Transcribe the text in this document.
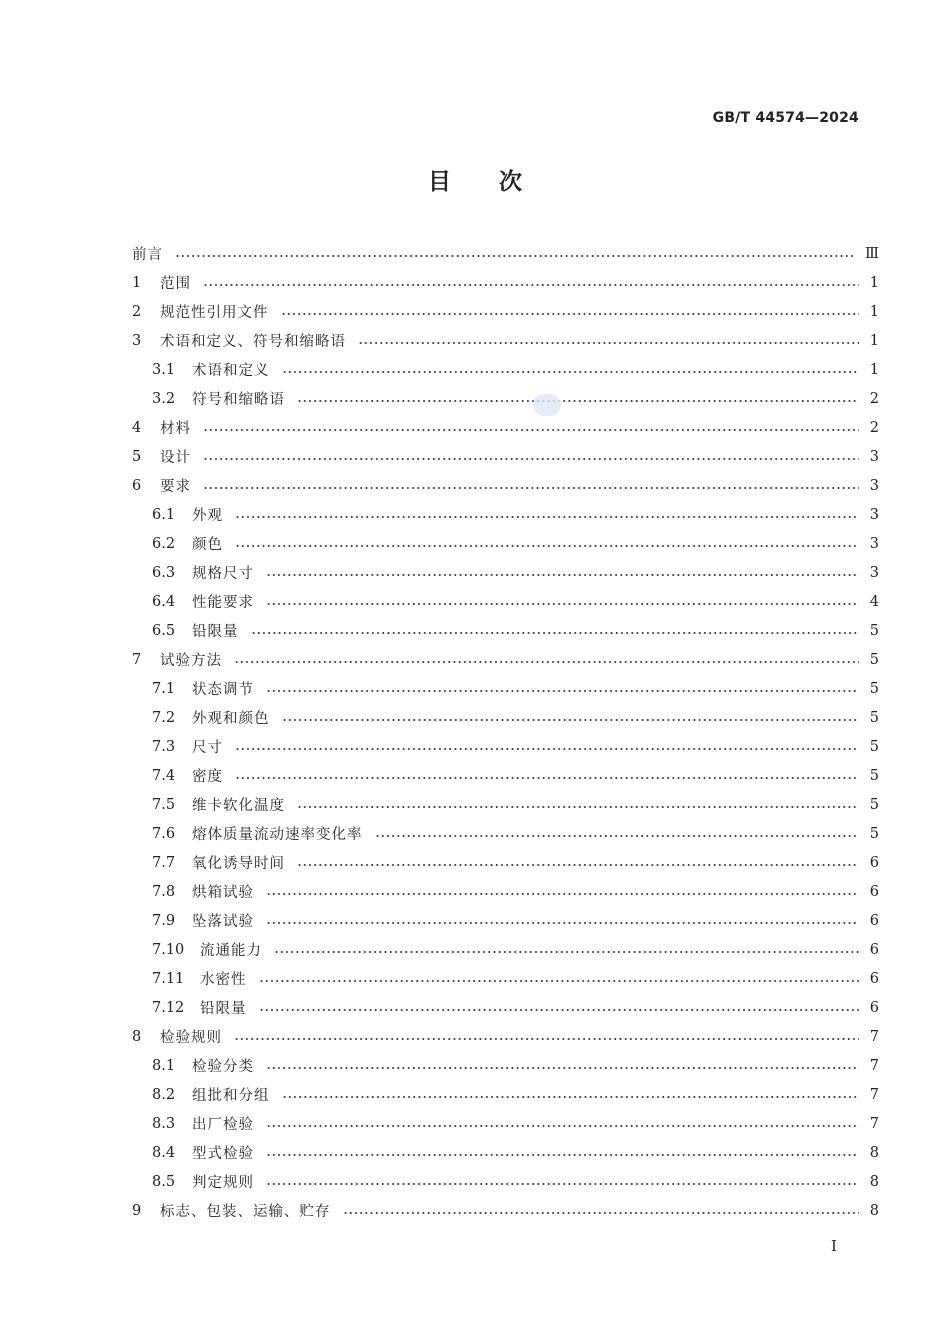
GB/T 44574—2024
目次
前言	Ⅲ
1	范围	1
2	规范性引用文件	1
3	术语和定义、符号和缩略语	1
3.1	术语和定义	1
3.2	符号和缩略语	2
4	材料	2
5	设计	3
6	要求	3
6.1	外观	3
6.2	颜色	3
6.3	规格尺寸	3
6.4	性能要求	4
6.5	铅限量	5
7	试验方法	5
7.1	状态调节	5
7.2	外观和颜色	5
7.3	尺寸	5
7.4	密度	5
7.5	维卡软化温度	5
7.6	熔体质量流动速率变化率	5
7.7	氧化诱导时间	6
7.8	烘箱试验	6
7.9	坠落试验	6
7.10	流通能力	6
7.11	水密性	6
7.12	铅限量	6
8	检验规则	7
8.1	检验分类	7
8.2	组批和分组	7
8.3	出厂检验	7
8.4	型式检验	8
8.5	判定规则	8
9	标志、包装、运输、贮存	8
I
